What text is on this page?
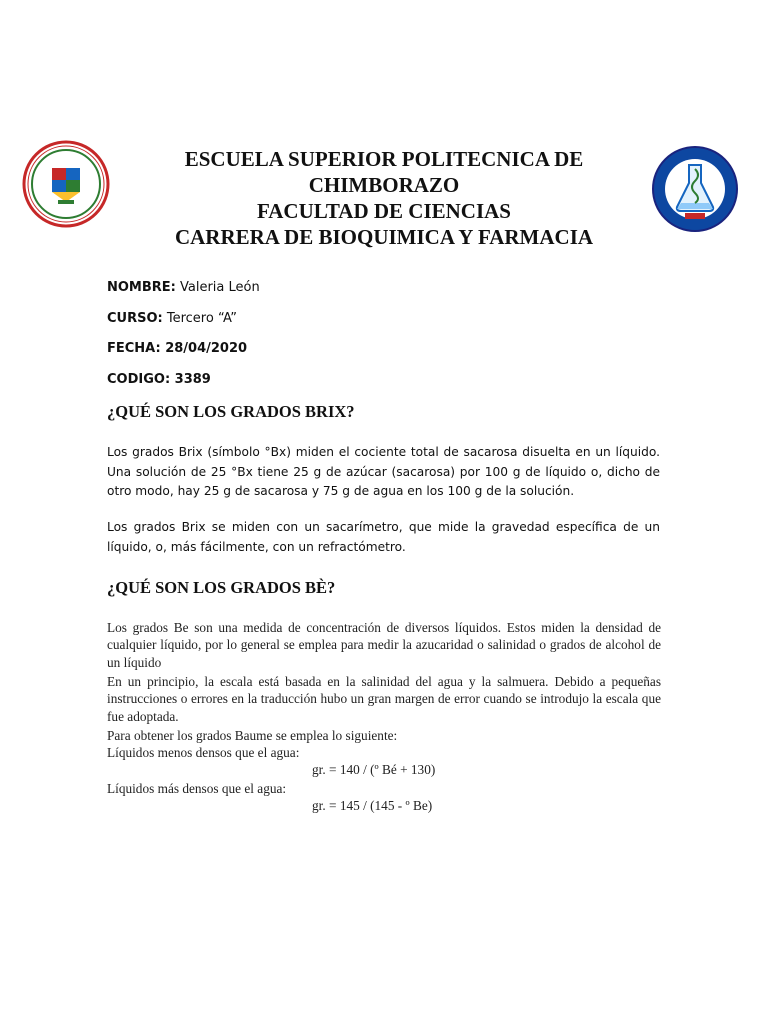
ESCUELA SUPERIOR POLITECNICA DE
CHIMBORAZO
FACULTAD DE CIENCIAS
CARRERA DE BIOQUIMICA Y FARMACIA
NOMBRE: Valeria León
CURSO: Tercero “A”
FECHA: 28/04/2020
CODIGO: 3389
¿QUÉ SON LOS GRADOS BRIX?
Los grados Brix (símbolo °Bx) miden el cociente total de sacarosa disuelta en un líquido. Una solución de 25 °Bx tiene 25 g de azúcar (sacarosa) por 100 g de líquido o, dicho de otro modo, hay 25 g de sacarosa y 75 g de agua en los 100 g de la solución.
Los grados Brix se miden con un sacarímetro, que mide la gravedad específica de un líquido, o, más fácilmente, con un refractómetro.
¿QUÉ SON LOS GRADOS BÈ?
Los grados Be son una medida de concentración de diversos líquidos. Estos miden la densidad de cualquier líquido, por lo general se emplea para medir la azucaridad o salinidad o grados de alcohol de un líquido
En un principio, la escala está basada en la salinidad del agua y la salmuera. Debido a pequeñas instrucciones o errores en la traducción hubo un gran margen de error cuando se introdujo la escala que fue adoptada.
Para obtener los grados Baume se emplea lo siguiente:
Líquidos menos densos que el agua:
gr. = 140 / (º Bé + 130)
Líquidos más densos que el agua:
gr. = 145 / (145 - º Be)
